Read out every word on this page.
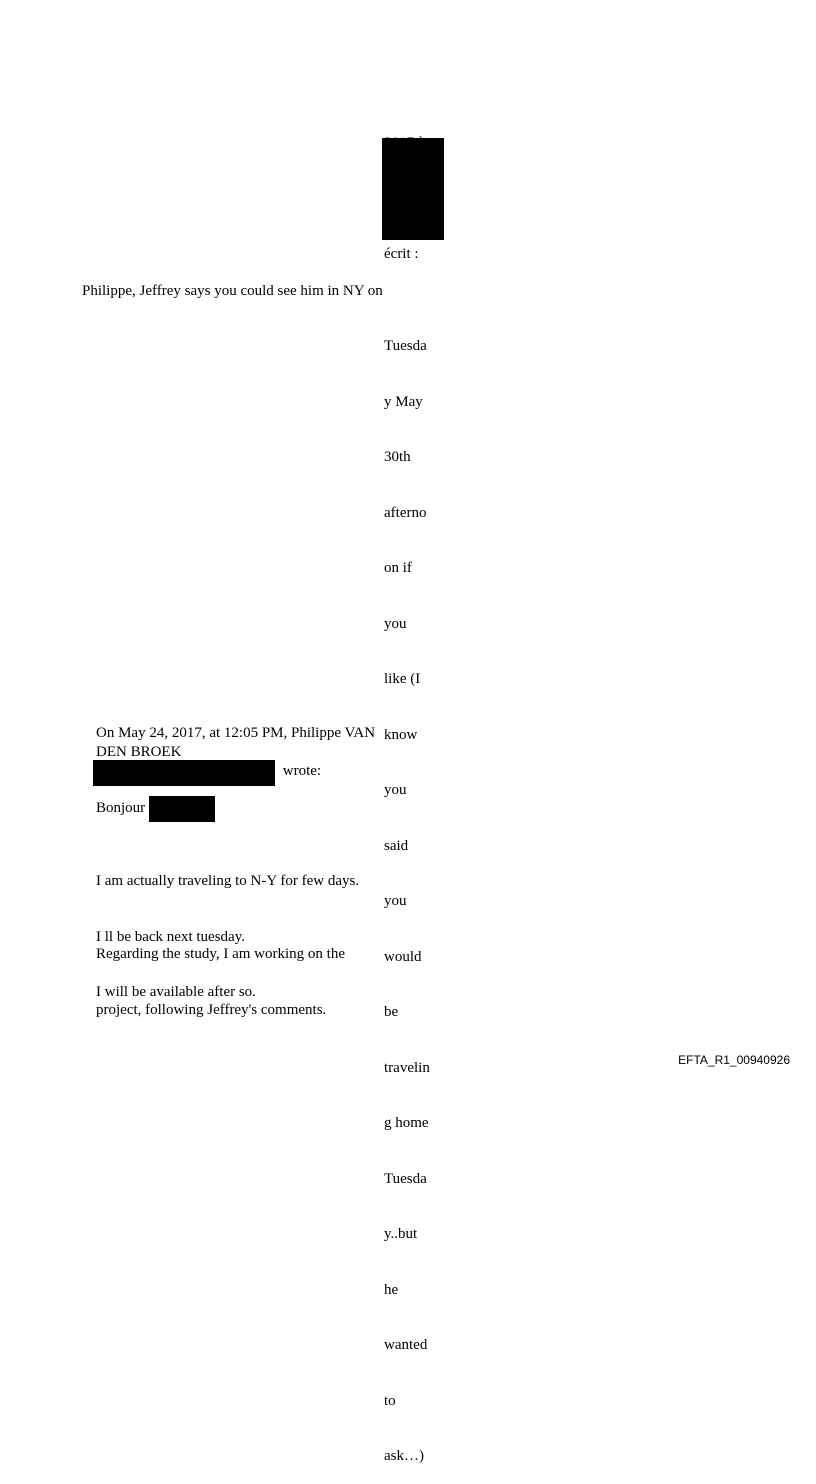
écrit :
Philippe, Jeffrey says you could see him in NY on

Tuesda

y May

30th

afterno

on if

you

like (I

know

you

said

you

would

be

travelin

g home

Tuesda

y..but

he

wanted

to

ask…)

On May 24, 2017, at 12:05 PM, Philippe VAN DEN BROEK
wrote:
Bonjour

I am actually traveling to N-Y for few days.

I ll be back next tuesday.

I will be available after so.

Regarding the study, I am working on the

project, following Jeffrey's comments.

EFTA_R1_00940926
